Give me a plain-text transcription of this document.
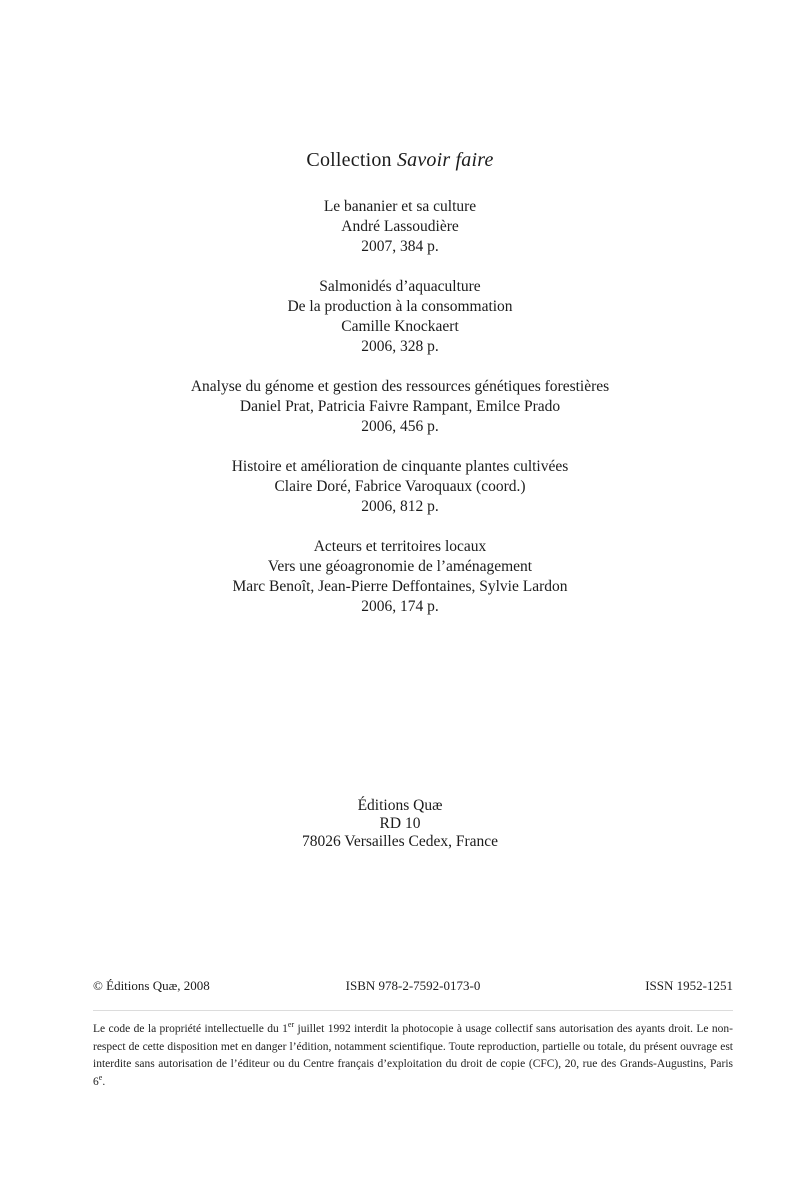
Collection Savoir faire
Le bananier et sa culture
André Lassoudière
2007, 384 p.
Salmonidés d’aquaculture
De la production à la consommation
Camille Knockaert
2006, 328 p.
Analyse du génome et gestion des ressources génétiques forestières
Daniel Prat, Patricia Faivre Rampant, Emilce Prado
2006, 456 p.
Histoire et amélioration de cinquante plantes cultivées
Claire Doré, Fabrice Varoquaux (coord.)
2006, 812 p.
Acteurs et territoires locaux
Vers une géoagronomie de l’aménagement
Marc Benoît, Jean-Pierre Deffontaines, Sylvie Lardon
2006, 174 p.
Éditions Quæ
RD 10
78026 Versailles Cedex, France
© Éditions Quæ, 2008	ISBN 978-2-7592-0173-0	ISSN 1952-1251
Le code de la propriété intellectuelle du 1er juillet 1992 interdit la photocopie à usage collectif sans autorisation des ayants droit. Le non-respect de cette disposition met en danger l’édition, notamment scientifique. Toute reproduction, partielle ou totale, du présent ouvrage est interdite sans autorisation de l’éditeur ou du Centre français d’exploitation du droit de copie (CFC), 20, rue des Grands-Augustins, Paris 6e.
